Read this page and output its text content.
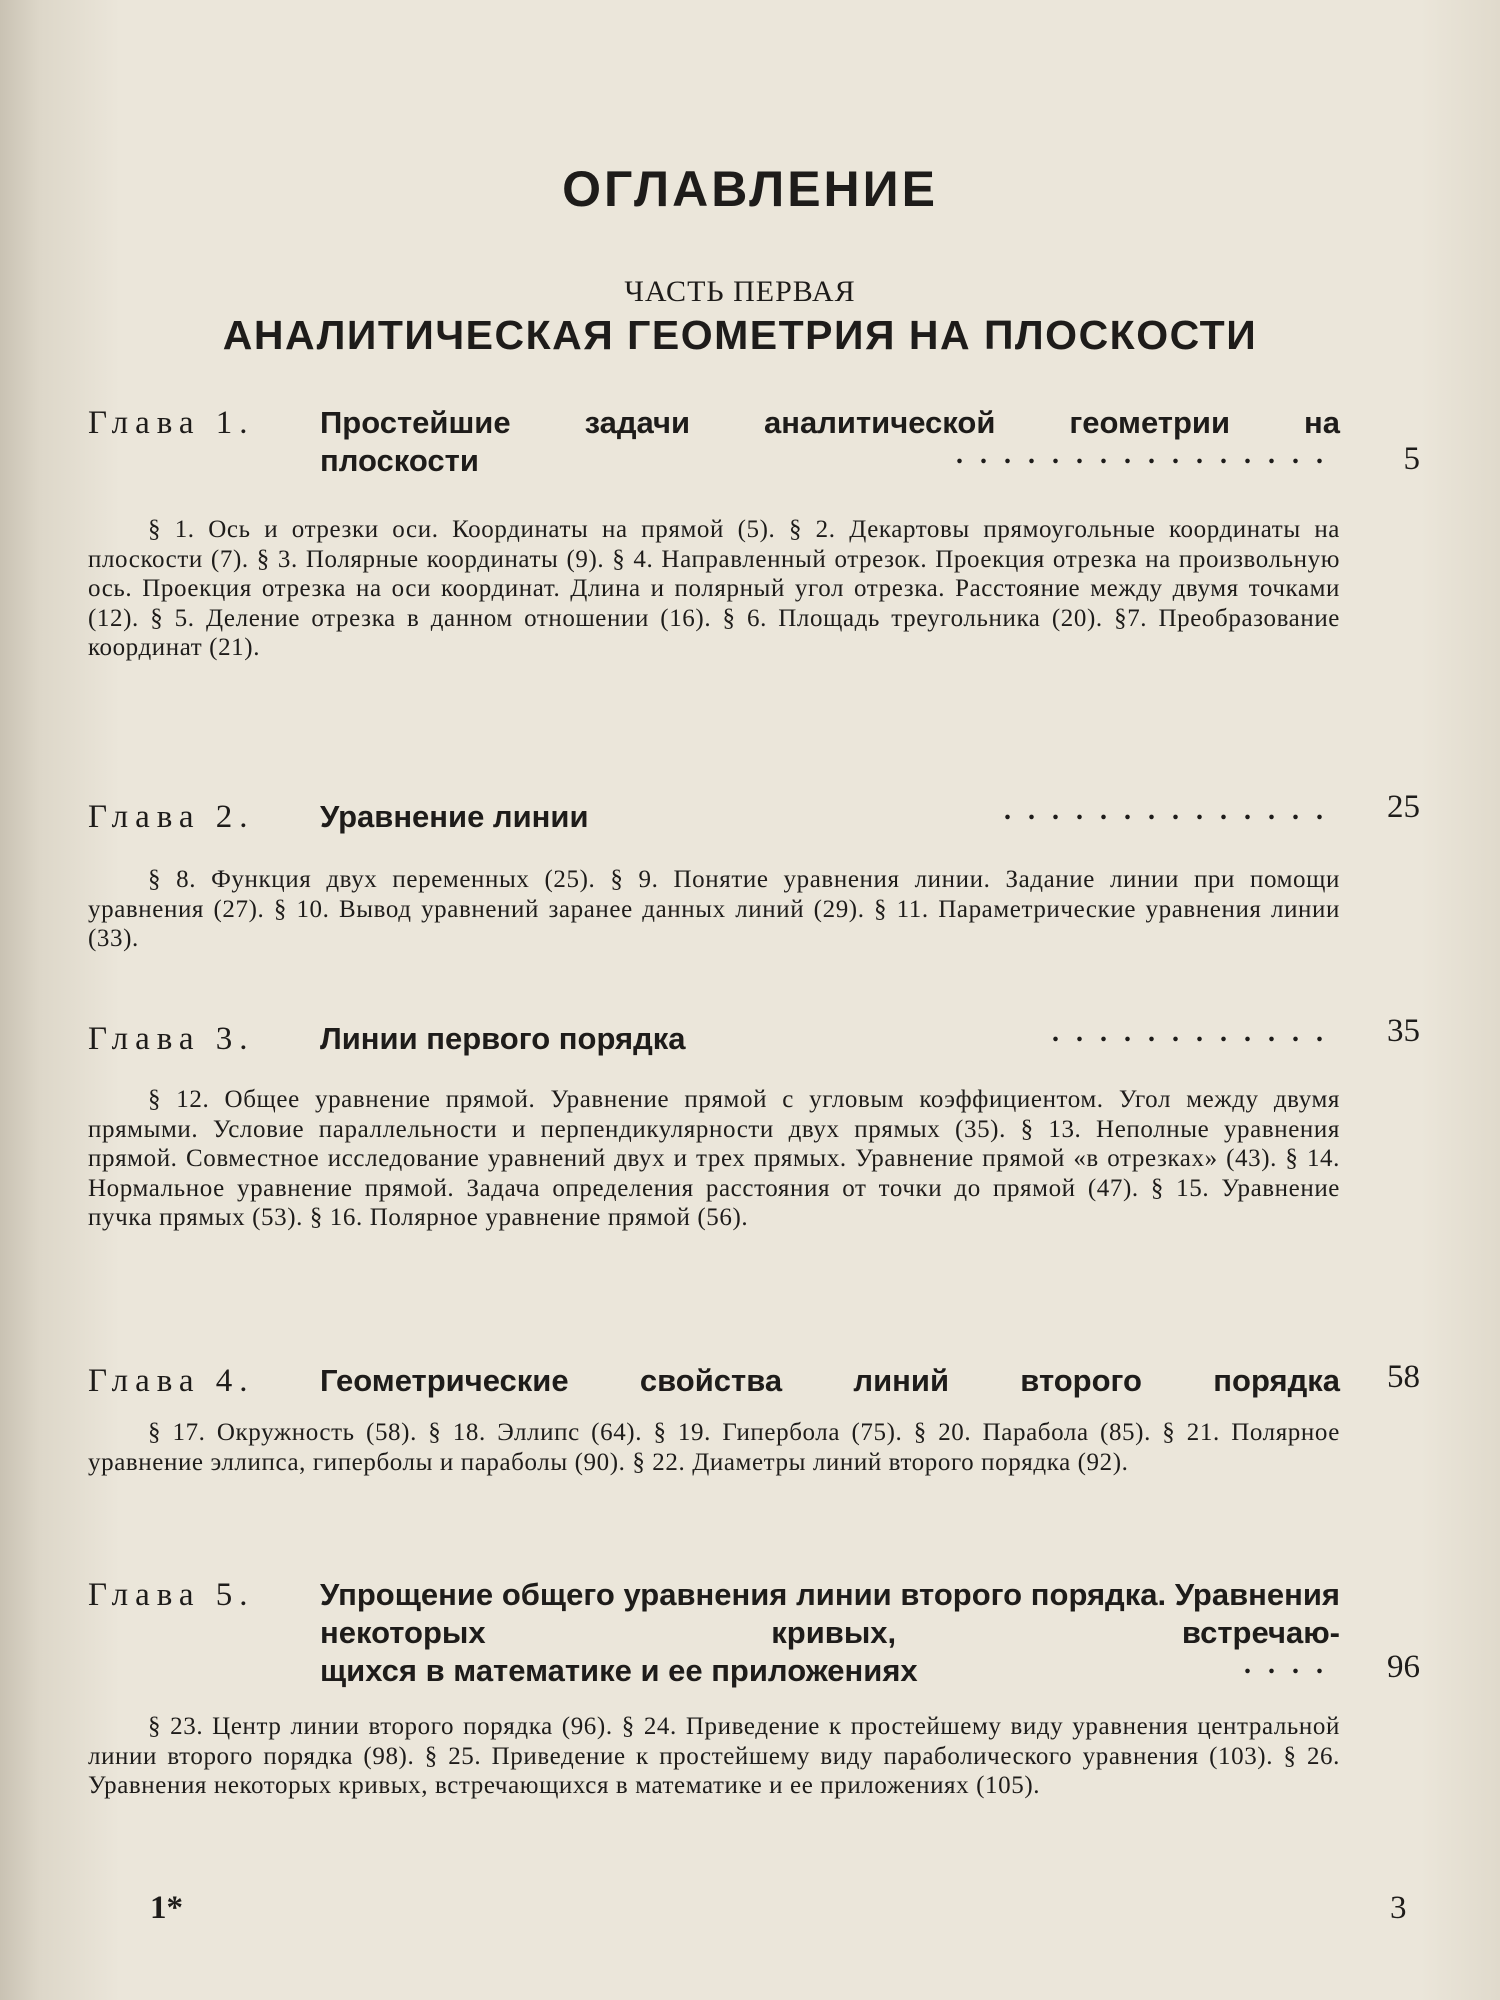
ОГЛАВЛЕНИЕ
ЧАСТЬ ПЕРВАЯ
АНАЛИТИЧЕСКАЯ ГЕОМЕТРИЯ НА ПЛОСКОСТИ
Глава 1. Простейшие задачи аналитической геометрии на
плоскости	................ 5
§ 1. Ось и отрезки оси. Координаты на прямой (5). § 2. Декартовы прямоугольные координаты на плоскости (7). § 3. Полярные координаты (9). § 4. Направленный отрезок. Проекция отрезка на произвольную ось. Проекция отрезка на оси координат. Длина и полярный угол отрезка. Расстояние между двумя точками (12). § 5. Деление отрезка в данном отношении (16). § 6. Площадь треугольника (20). §7. Преобразование координат (21).
Глава 2. Уравнение линии	.............. 25
§ 8. Функция двух переменных (25). § 9. Понятие уравнения линии. Задание линии при помощи уравнения (27). § 10. Вывод уравнений заранее данных линий (29). § 11. Параметрические уравнения линии (33).
Глава 3. Линии первого порядка	............ 35
§ 12. Общее уравнение прямой. Уравнение прямой с угловым коэффициентом. Угол между двумя прямыми. Условие параллельности и перпендикулярности двух прямых (35). § 13. Неполные уравнения прямой. Совместное исследование уравнений двух и трех прямых. Уравнение прямой «в отрезках» (43). § 14. Нормальное уравнение прямой. Задача определения расстояния от точки до прямой (47). § 15. Уравнение пучка прямых (53). § 16. Полярное уравнение прямой (56).
Глава 4. Геометрические свойства линий второго порядка 58
§ 17. Окружность (58). § 18. Эллипс (64). § 19. Гипербола (75). § 20. Парабола (85). § 21. Полярное уравнение эллипса, гиперболы и параболы (90). § 22. Диаметры линий второго порядка (92).
Глава 5. Упрощение общего уравнения линии второго порядка. Уравнения некоторых кривых, встречаю-
щихся в математике и ее приложениях	.... 96
§ 23. Центр линии второго порядка (96). § 24. Приведение к простейшему виду уравнения центральной линии второго порядка (98). § 25. Приведение к простейшему виду параболического уравнения (103). § 26. Уравнения некоторых кривых, встречающихся в математике и ее приложениях (105).
1*	3
